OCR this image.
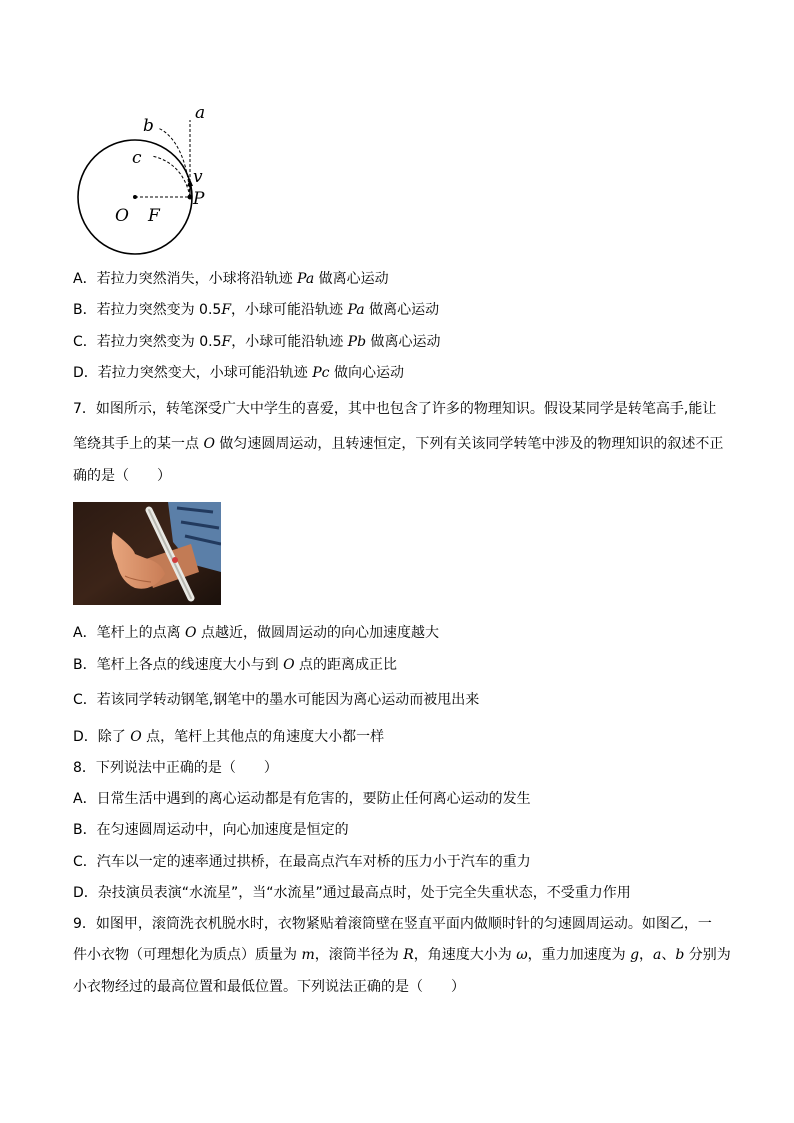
a
b
c
v
P
O F
A．若拉力突然消失，小球将沿轨迹 Pa 做离心运动
B．若拉力突然变为 0.5F，小球可能沿轨迹 Pa 做离心运动
C．若拉力突然变为 0.5F，小球可能沿轨迹 Pb 做离心运动
D．若拉力突然变大，小球可能沿轨迹 Pc 做向心运动
7．如图所示，转笔深受广大中学生的喜爱，其中也包含了许多的物理知识。假设某同学是转笔高手,能让
笔绕其手上的某一点 O 做匀速圆周运动，且转速恒定，下列有关该同学转笔中涉及的物理知识的叙述不正
确的是（　　）
A．笔杆上的点离 O 点越近，做圆周运动的向心加速度越大
B．笔杆上各点的线速度大小与到 O 点的距离成正比
C．若该同学转动钢笔,钢笔中的墨水可能因为离心运动而被甩出来
D．除了 O 点，笔杆上其他点的角速度大小都一样
8．下列说法中正确的是（　　）
A．日常生活中遇到的离心运动都是有危害的，要防止任何离心运动的发生
B．在匀速圆周运动中，向心加速度是恒定的
C．汽车以一定的速率通过拱桥，在最高点汽车对桥的压力小于汽车的重力
D．杂技演员表演“水流星”，当“水流星”通过最高点时，处于完全失重状态，不受重力作用
9．如图甲，滚筒洗衣机脱水时，衣物紧贴着滚筒壁在竖直平面内做顺时针的匀速圆周运动。如图乙，一
件小衣物（可理想化为质点）质量为 m，滚筒半径为 R，角速度大小为 ω，重力加速度为 g，a、b 分别为
小衣物经过的最高位置和最低位置。下列说法正确的是（　　）
